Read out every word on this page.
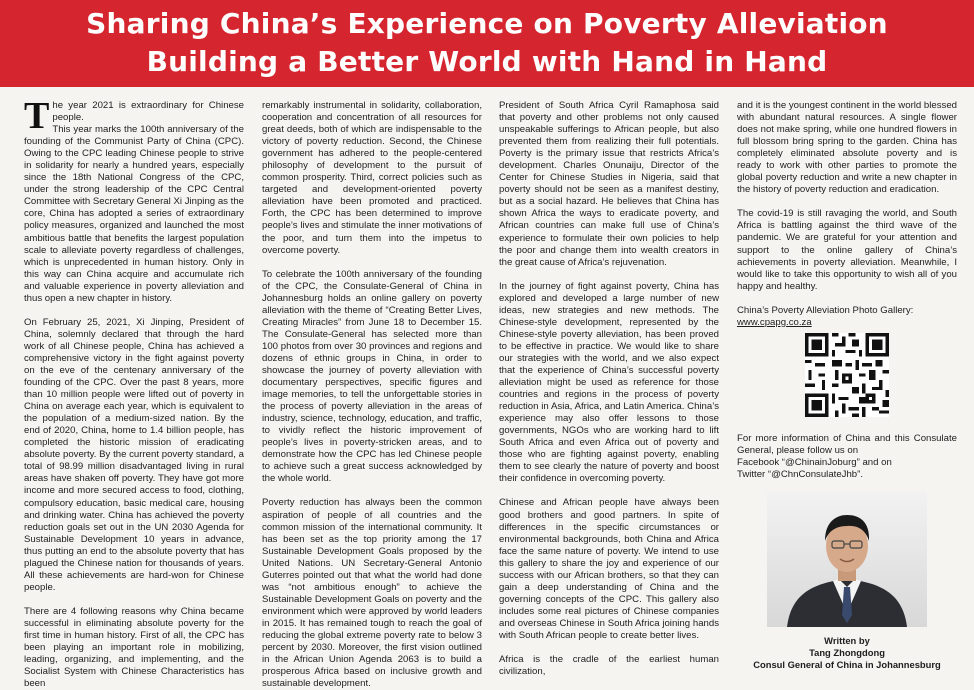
Sharing China’s Experience on Poverty Alleviation
Building a Better World with Hand in Hand

The year 2021 is extraordinary for Chinese people.
This year marks the 100th anniversary of the founding of the Communist Party of China (CPC). Owing to the CPC leading Chinese people to strive in solidarity for nearly a hundred years, especially since the 18th National Congress of the CPC, under the strong leadership of the CPC Central Committee with Secretary General Xi Jinping as the core, China has adopted a series of extraordinary policy measures, organized and launched the most ambitious battle that benefits the largest population scale to alleviate poverty regardless of challenges, which is unprecedented in human history. Only in this way can China acquire and accumulate rich and valuable experience in poverty alleviation and thus open a new chapter in history.

On February 25, 2021, Xi Jinping, President of China, solemnly declared that through the hard work of all Chinese people, China has achieved a comprehensive victory in the fight against poverty on the eve of the centenary anniversary of the founding of the CPC. Over the past 8 years, more than 10 million people were lifted out of poverty in China on average each year, which is equivalent to the population of a medium-sized nation. By the end of 2020, China, home to 1.4 billion people, has completed the historic mission of eradicating absolute poverty. By the current poverty standard, a total of 98.99 million disadvantaged living in rural areas have shaken off poverty. They have got more income and more secured access to food, clothing, compulsory education, basic medical care, housing and drinking water. China has achieved the poverty reduction goals set out in the UN 2030 Agenda for Sustainable Development 10 years in advance, thus putting an end to the absolute poverty that has plagued the Chinese nation for thousands of years. All these achievements are hard-won for Chinese people.

There are 4 following reasons why China became successful in eliminating absolute poverty for the first time in human history. First of all, the CPC has been playing an important role in mobilizing, leading, organizing, and implementing, and the Socialist System with Chinese Characteristics has been

remarkably instrumental in solidarity, collaboration, cooperation and concentration of all resources for great deeds, both of which are indispensable to the victory of poverty reduction. Second, the Chinese government has adhered to the people-centered philosophy of development to the pursuit of common prosperity. Third, correct policies such as targeted and development-oriented poverty alleviation have been promoted and practiced. Forth, the CPC has been determined to improve people’s lives and stimulate the inner motivations of the poor, and turn them into the impetus to overcome poverty.

To celebrate the 100th anniversary of the founding of the CPC, the Consulate-General of China in Johannesburg holds an online gallery on poverty alleviation with the theme of “Creating Better Lives, Creating Miracles” from June 18 to December 15. The Consulate-General has selected more than 100 photos from over 30 provinces and regions and dozens of ethnic groups in China, in order to showcase the journey of poverty alleviation with documentary perspectives, specific figures and image memories, to tell the unforgettable stories in the process of poverty alleviation in the areas of industry, science, technology, education, and traffic, to vividly reflect the historic improvement of people’s lives in poverty-stricken areas, and to demonstrate how the CPC has led Chinese people to achieve such a great success acknowledged by the whole world.

Poverty reduction has always been the common aspiration of people of all countries and the common mission of the international community. It has been set as the top priority among the 17 Sustainable Development Goals proposed by the United Nations. UN Secretary-General Antonio Guterres pointed out that what the world had done was “not ambitious enough” to achieve the Sustainable Development Goals on poverty and the environment which were approved by world leaders in 2015. It has remained tough to reach the goal of reducing the global extreme poverty rate to below 3 percent by 2030. Moreover, the first vision outlined in the African Union Agenda 2063 is to build a prosperous Africa based on inclusive growth and sustainable development.

President of South Africa Cyril Ramaphosa said that poverty and other problems not only caused unspeakable sufferings to African people, but also prevented them from realizing their full potentials. Poverty is the primary issue that restricts Africa’s development. Charles Onunaiju, Director of the Center for Chinese Studies in Nigeria, said that poverty should not be seen as a manifest destiny, but as a social hazard. He believes that China has shown Africa the ways to eradicate poverty, and African countries can make full use of China’s experience to formulate their own policies to help the poor and change them into wealth creators in the great cause of Africa’s rejuvenation.

In the journey of fight against poverty, China has explored and developed a large number of new ideas, new strategies and new methods. The Chinese-style development, represented by the Chinese-style poverty alleviation, has been proved to be effective in practice. We would like to share our strategies with the world, and we also expect that the experience of China’s successful poverty alleviation might be used as reference for those countries and regions in the process of poverty reduction in Asia, Africa, and Latin America. China’s experience may also offer lessons to those governments, NGOs who are working hard to lift South Africa and even Africa out of poverty and those who are fighting against poverty, enabling them to see clearly the nature of poverty and boost their confidence in overcoming poverty.

Chinese and African people have always been good brothers and good partners. In spite of differences in the specific circumstances or environmental backgrounds, both China and Africa face the same nature of poverty. We intend to use this gallery to share the joy and experience of our success with our African brothers, so that they can gain a deep understanding of China and the governing concepts of the CPC. This gallery also includes some real pictures of Chinese companies and overseas Chinese in South Africa joining hands with South African people to create better lives.

Africa is the cradle of the earliest human civilization,

and it is the youngest continent in the world blessed with abundant natural resources. A single flower does not make spring, while one hundred flowers in full blossom bring spring to the garden. China has completely eliminated absolute poverty and is ready to work with other parties to promote the global poverty reduction and write a new chapter in the history of poverty reduction and eradication.

The covid-19 is still ravaging the world, and South Africa is battling against the third wave of the pandemic. We are grateful for your attention and support to the online gallery of China’s achievements in poverty alleviation. Meanwhile, I would like to take this opportunity to wish all of you happy and healthy.

China’s Poverty Alleviation Photo Gallery:
www.cpapg.co.za

For more information of China and this Consulate General, please follow us on
Facebook “@ChinainJoburg” and on
Twitter “@ChnConsulateJhb”.

Written by
Tang Zhongdong
Consul General of China in Johannesburg
